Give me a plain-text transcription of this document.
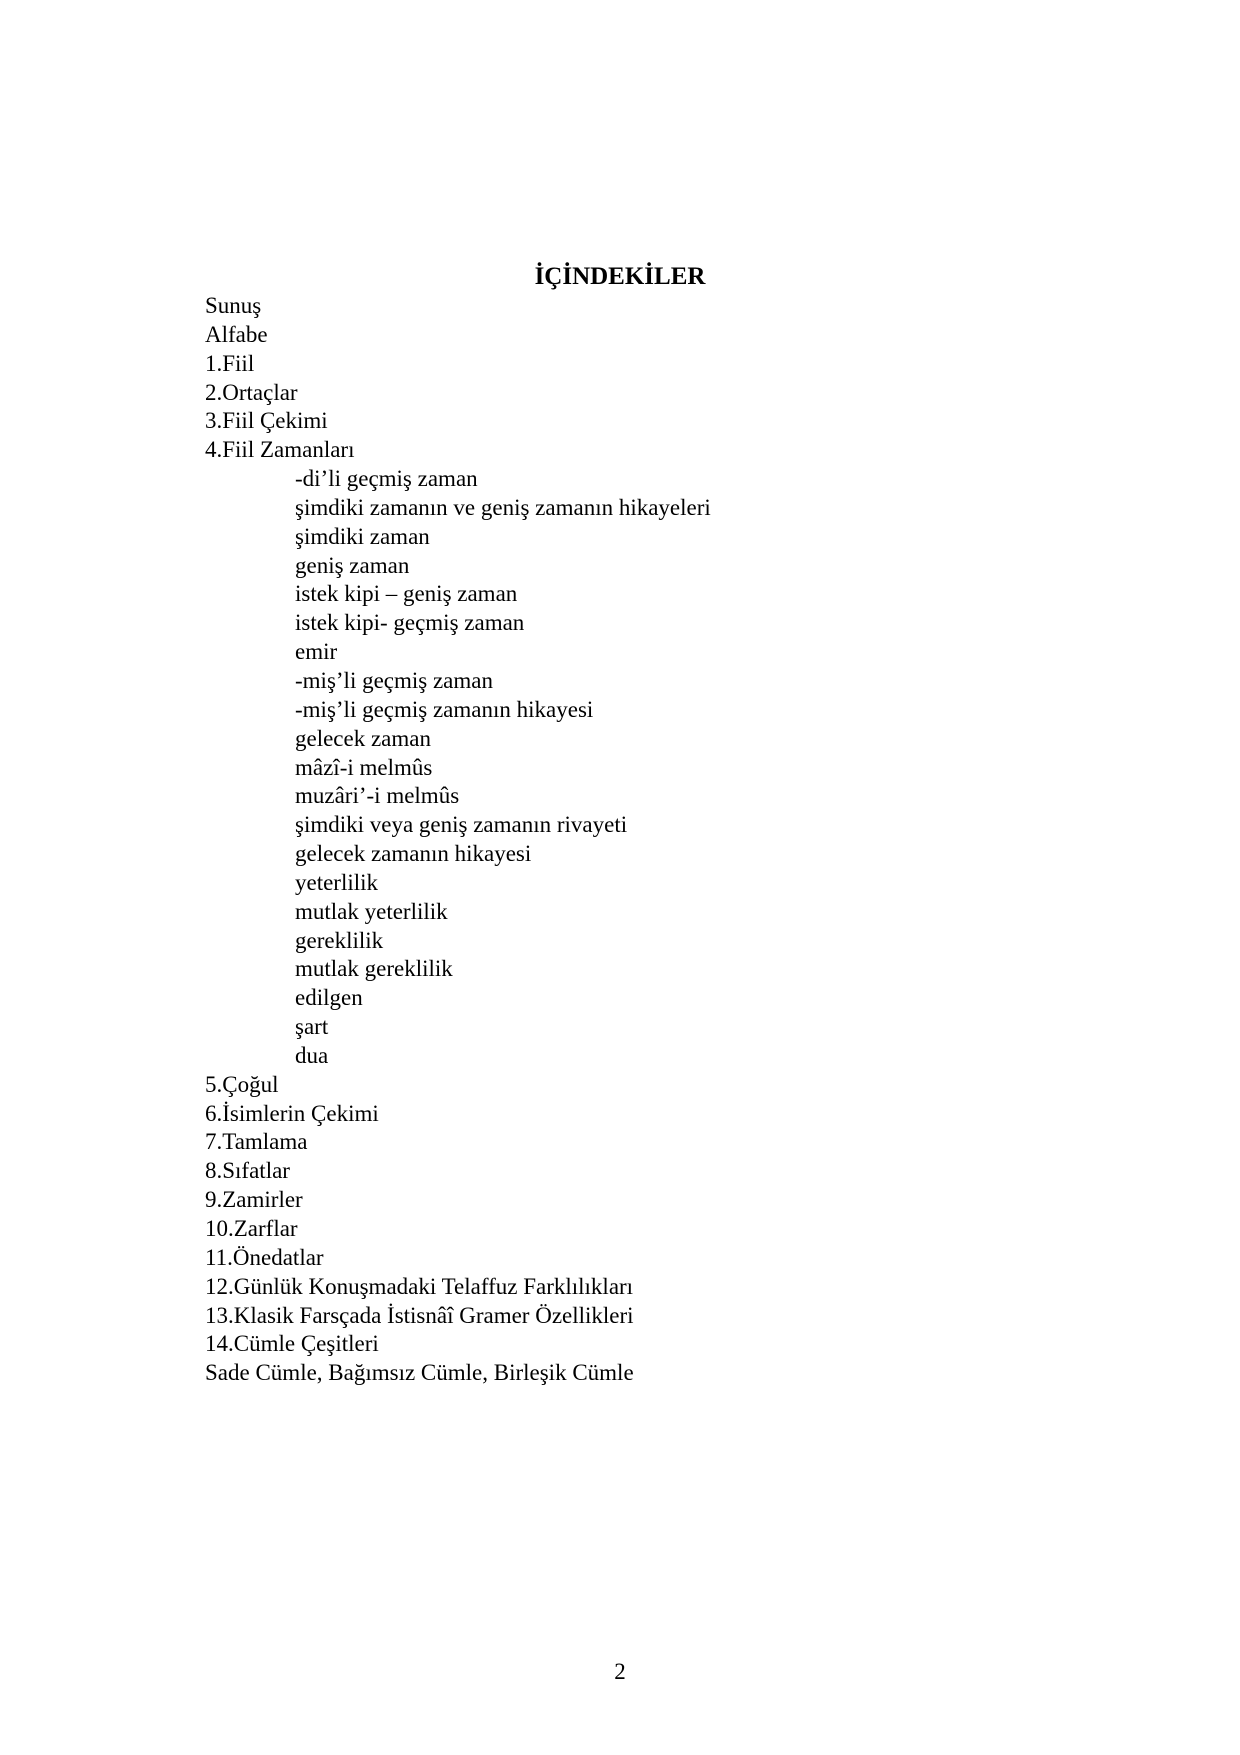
İÇİNDEKİLER
Sunuş
Alfabe
1.Fiil
2.Ortaçlar
3.Fiil Çekimi
4.Fiil Zamanları
-di’li geçmiş zaman
şimdiki zamanın ve geniş zamanın hikayeleri
şimdiki zaman
geniş zaman
istek kipi – geniş zaman
istek kipi- geçmiş zaman
emir
-miş’li geçmiş zaman
-miş’li geçmiş zamanın hikayesi
gelecek zaman
mâzî-i melmûs
muzâri’-i melmûs
şimdiki veya geniş zamanın rivayeti
gelecek zamanın hikayesi
yeterlilik
mutlak yeterlilik
gereklilik
mutlak gereklilik
edilgen
şart
dua
5.Çoğul
6.İsimlerin Çekimi
7.Tamlama
8.Sıfatlar
9.Zamirler
10.Zarflar
11.Önedatlar
12.Günlük Konuşmadaki Telaffuz Farklılıkları
13.Klasik Farsçada İstisnâî Gramer Özellikleri
14.Cümle Çeşitleri
Sade Cümle, Bağımsız Cümle, Birleşik Cümle
2
